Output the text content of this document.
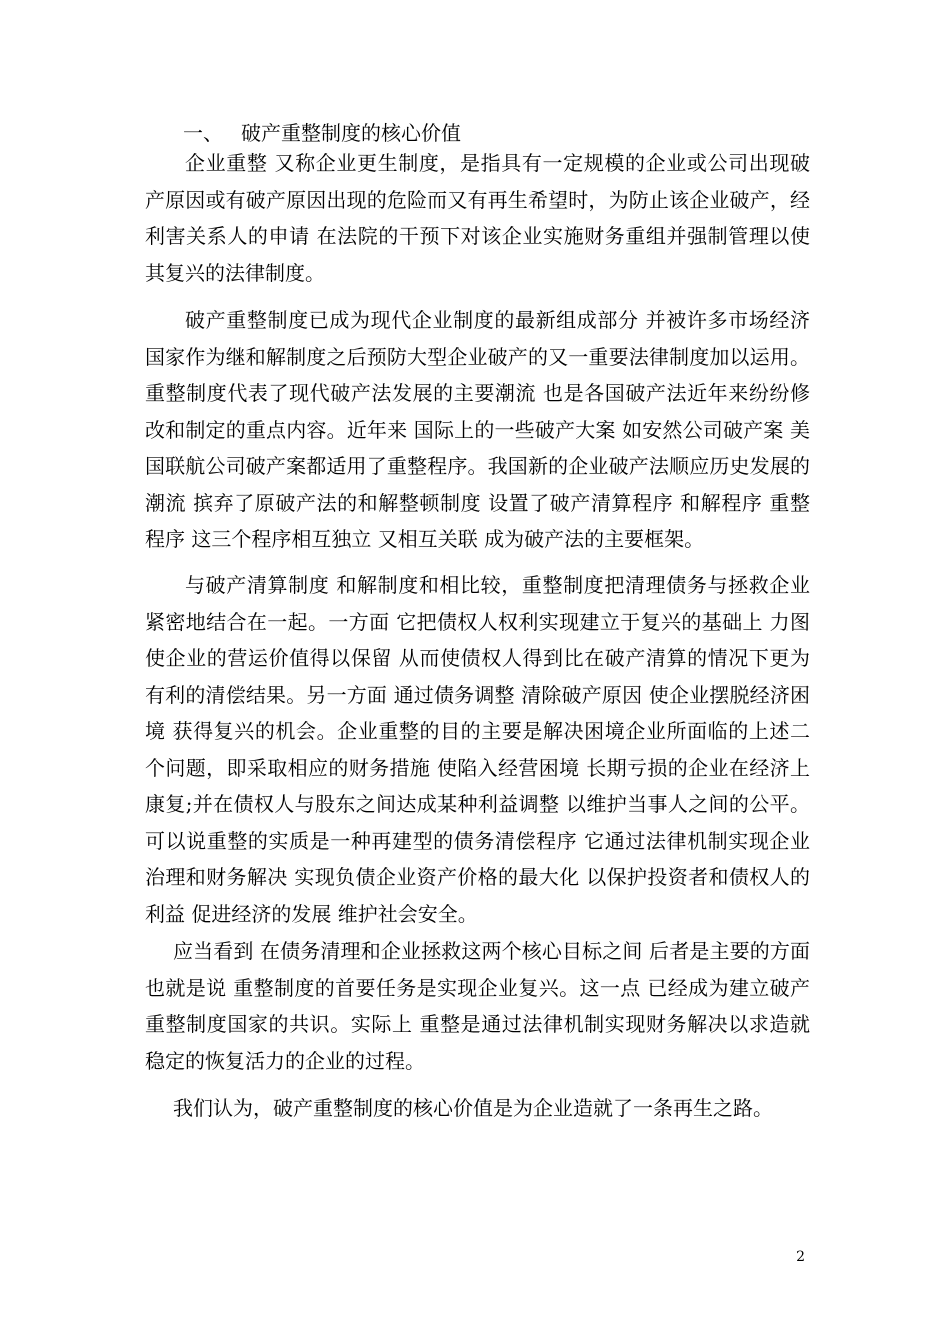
一、 破产重整制度的核心价值

企业重整 又称企业更生制度，是指具有一定规模的企业或公司出现破产原因或有破产原因出现的危险而又有再生希望时，为防止该企业破产，经利害关系人的申请 在法院的干预下对该企业实施财务重组并强制管理以使其复兴的法律制度。

破产重整制度已成为现代企业制度的最新组成部分 并被许多市场经济国家作为继和解制度之后预防大型企业破产的又一重要法律制度加以运用。重整制度代表了现代破产法发展的主要潮流 也是各国破产法近年来纷纷修改和制定的重点内容。近年来 国际上的一些破产大案 如安然公司破产案 美国联航公司破产案都适用了重整程序。我国新的企业破产法顺应历史发展的潮流 摈弃了原破产法的和解整顿制度 设置了破产清算程序 和解程序 重整程序 这三个程序相互独立 又相互关联 成为破产法的主要框架。

与破产清算制度 和解制度和相比较，重整制度把清理债务与拯救企业紧密地结合在一起。一方面 它把债权人权利实现建立于复兴的基础上 力图使企业的营运价值得以保留 从而使债权人得到比在破产清算的情况下更为有利的清偿结果。另一方面 通过债务调整 清除破产原因 使企业摆脱经济困境 获得复兴的机会。企业重整的目的主要是解决困境企业所面临的上述二个问题，即采取相应的财务措施 使陷入经营困境 长期亏损的企业在经济上康复;并在债权人与股东之间达成某种利益调整 以维护当事人之间的公平。可以说重整的实质是一种再建型的债务清偿程序 它通过法律机制实现企业治理和财务解决 实现负债企业资产价格的最大化 以保护投资者和债权人的利益 促进经济的发展 维护社会安全。

应当看到 在债务清理和企业拯救这两个核心目标之间 后者是主要的方面也就是说 重整制度的首要任务是实现企业复兴。这一点 已经成为建立破产重整制度国家的共识。实际上 重整是通过法律机制实现财务解决以求造就稳定的恢复活力的企业的过程。

我们认为，破产重整制度的核心价值是为企业造就了一条再生之路。

2
